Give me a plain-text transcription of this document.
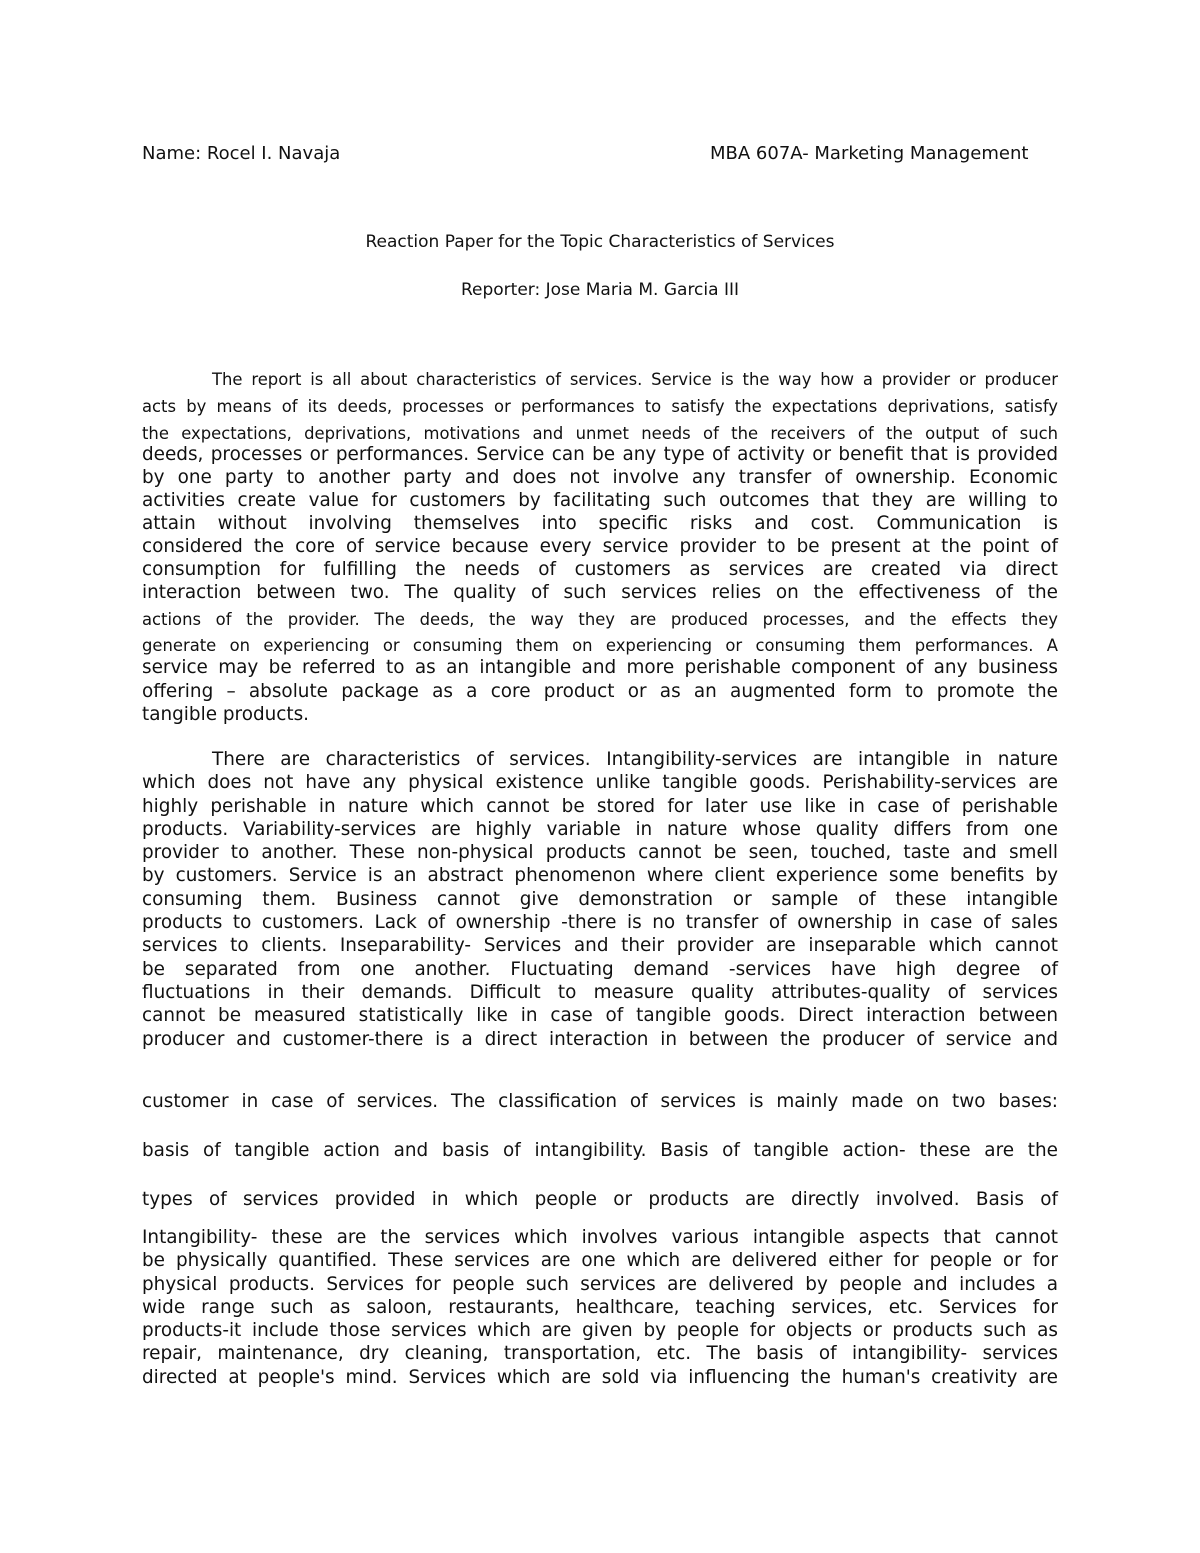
Name: Rocel I. Navaja	MBA 607A- Marketing Management
Reaction Paper for the Topic Characteristics of Services
Reporter: Jose Maria M. Garcia III
The report is all about characteristics of services. Service is the way how a provider or producer
acts by means of its deeds, processes or performances to satisfy the expectations deprivations, satisfy
the expectations, deprivations, motivations and unmet needs of the receivers of the output of such
deeds, processes or performances. Service can be any type of activity or benefit that is provided
by one party to another party and does not involve any transfer of ownership. Economic
activities create value for customers by facilitating such outcomes that they are willing to
attain without involving themselves into specific risks and cost. Communication is
considered the core of service because every service provider to be present at the point of
consumption for fulfilling the needs of customers as services are created via direct
interaction between two. The quality of such services relies on the effectiveness of the
actions of the provider. The deeds, the way they are produced processes, and the effects they
generate on experiencing or consuming them on experiencing or consuming them performances. A
service may be referred to as an intangible and more perishable component of any business
offering – absolute package as a core product or as an augmented form to promote the
tangible products.
There are characteristics of services. Intangibility-services are intangible in nature
which does not have any physical existence unlike tangible goods. Perishability-services are
highly perishable in nature which cannot be stored for later use like in case of perishable
products. Variability-services are highly variable in nature whose quality differs from one
provider to another. These non-physical products cannot be seen, touched, taste and smell
by customers. Service is an abstract phenomenon where client experience some benefits by
consuming them. Business cannot give demonstration or sample of these intangible
products to customers. Lack of ownership -there is no transfer of ownership in case of sales
services to clients. Inseparability- Services and their provider are inseparable which cannot
be separated from one another. Fluctuating demand -services have high degree of
fluctuations in their demands. Difficult to measure quality attributes-quality of services
cannot be measured statistically like in case of tangible goods. Direct interaction between
producer and customer-there is a direct interaction in between the producer of service and
customer in case of services. The classification of services is mainly made on two bases:
basis of tangible action and basis of intangibility. Basis of tangible action- these are the
types of services provided in which people or products are directly involved. Basis of
Intangibility- these are the services which involves various intangible aspects that cannot
be physically quantified. These services are one which are delivered either for people or for
physical products. Services for people such services are delivered by people and includes a
wide range such as saloon, restaurants, healthcare, teaching services, etc. Services for
products-it include those services which are given by people for objects or products such as
repair, maintenance, dry cleaning, transportation, etc. The basis of intangibility- services
directed at people's mind. Services which are sold via influencing the human's creativity are
